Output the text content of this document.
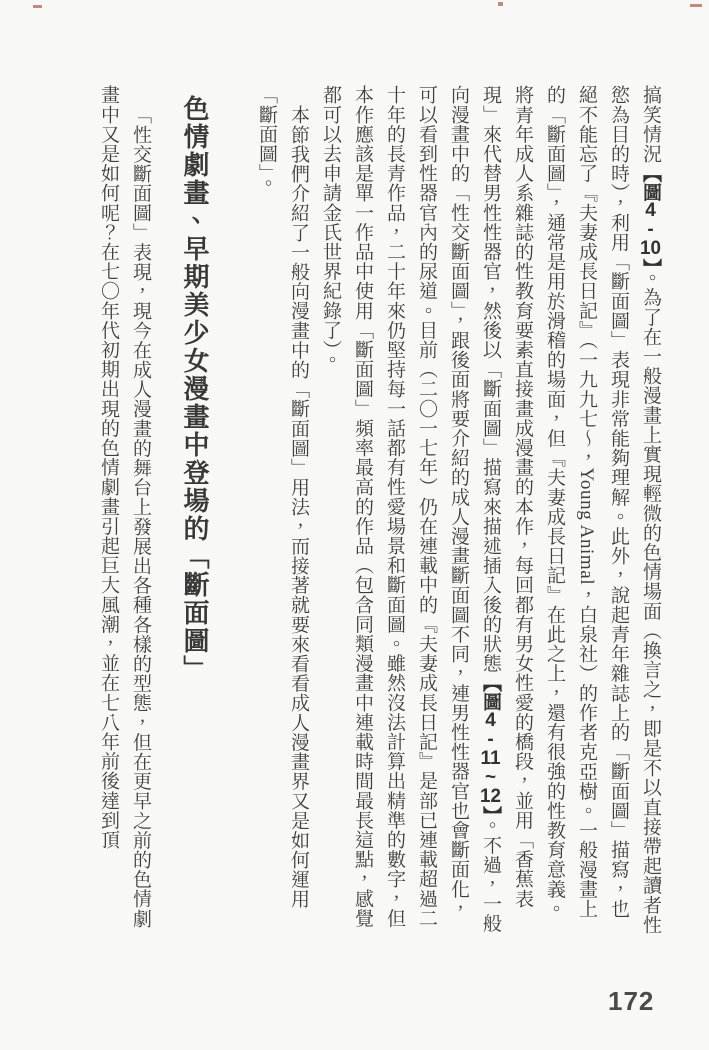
搞笑情況【圖4-10】。為了在一般漫畫上實現輕微的色情場面（換言之，即是不以直接帶起讀者性慾為目的時），利用「斷面圖」表現非常能夠理解。此外，說起青年雜誌上的「斷面圖」描寫，也絕不能忘了『夫妻成長日記』（一九九七～，Young Animal，白泉社）的作者克亞樹。一般漫畫上的「斷面圖」，通常是用於滑稽的場面，但『夫妻成長日記』在此之上，還有很強的性教育意義。將青年成人系雜誌的性教育要素直接畫成漫畫的本作，每回都有男女性愛的橋段，並用「香蕉表現」來代替男性性器官，然後以「斷面圖」描寫來描述插入後的狀態【圖4-11~12】。不過，一般向漫畫中的「性交斷面圖」，跟後面將要介紹的成人漫畫斷面圖不同，連男性性器官也會斷面化，可以看到性器官內的尿道。目前（二〇一七年）仍在連載中的『夫妻成長日記』是部已連載超過二十年的長青作品，二十年來仍堅持每一話都有性愛場景和斷面圖。雖然沒法計算出精準的數字，但本作應該是單一作品中使用「斷面圖」頻率最高的作品（包含同類漫畫中連載時間最長這點，感覺都可以去申請金氏世界紀錄了）。

本節我們介紹了一般向漫畫中的「斷面圖」用法，而接著就要來看看成人漫畫界又是如何運用「斷面圖」。

色情劇畫、早期美少女漫畫中登場的「斷面圖」

「性交斷面圖」表現，現今在成人漫畫的舞台上發展出各種各樣的型態，但在更早之前的色情劇畫中又是如何呢？在七〇年代初期出現的色情劇畫引起巨大風潮，並在七八年前後達到頂

172
